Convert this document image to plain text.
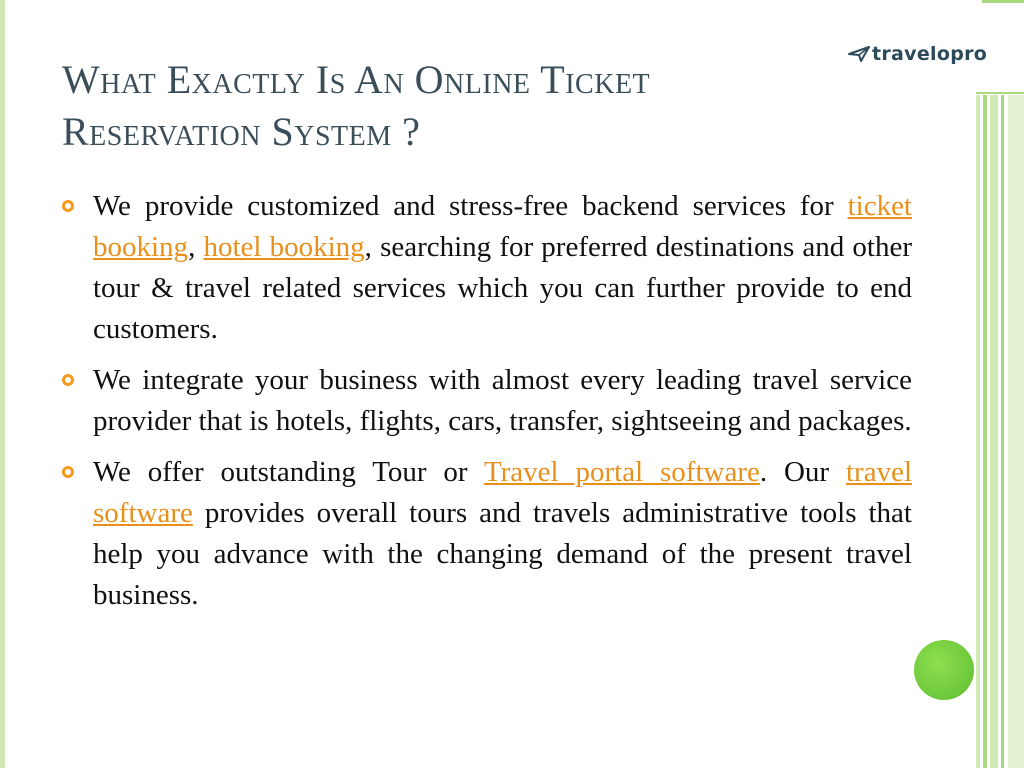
travelopro
What Exactly Is An Online Ticket Reservation System ?
We provide customized and stress-free backend services for ticket booking, hotel booking, searching for preferred destinations and other tour & travel related services which you can further provide to end customers.
We integrate your business with almost every leading travel service provider that is hotels, flights, cars, transfer, sightseeing and packages.
We offer outstanding Tour or Travel portal software. Our travel software provides overall tours and travels administrative tools that help you advance with the changing demand of the present travel business.
